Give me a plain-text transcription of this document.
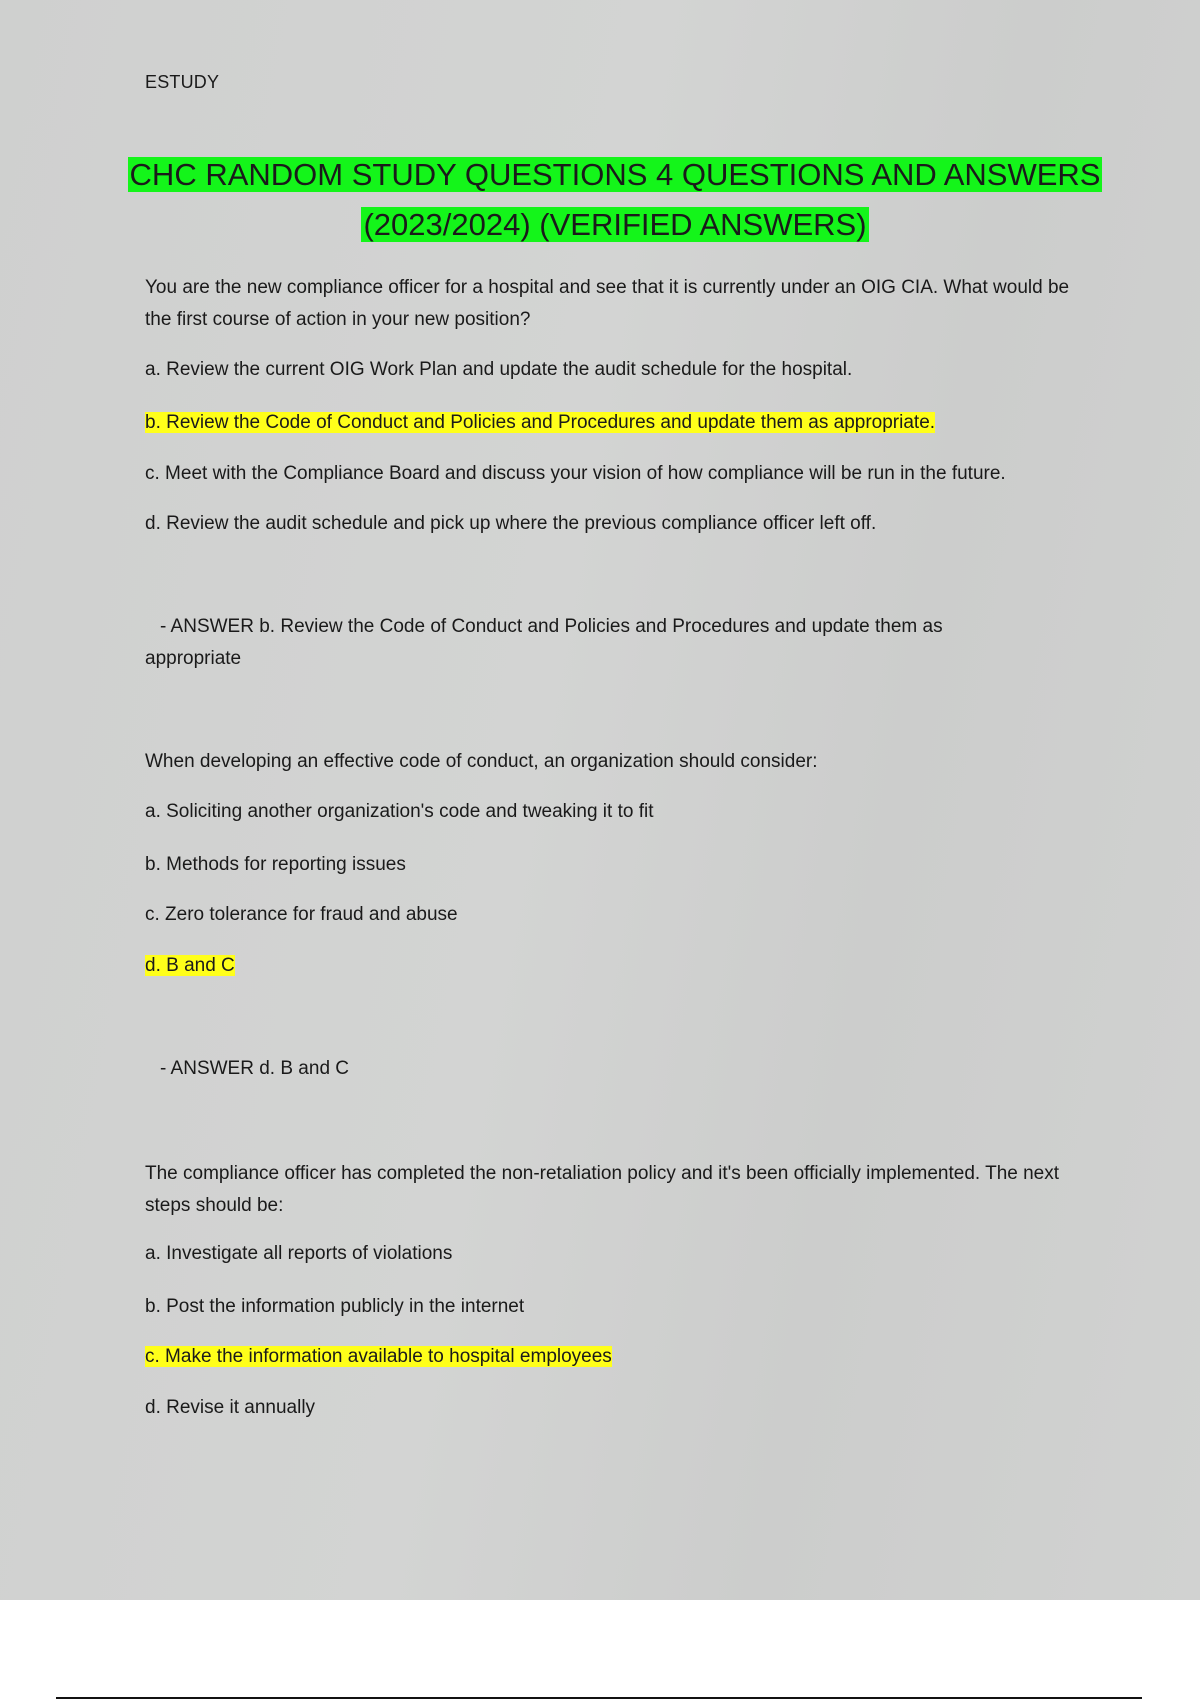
ESTUDY
CHC RANDOM STUDY QUESTIONS 4 QUESTIONS AND ANSWERS
(2023/2024) (VERIFIED ANSWERS)
You are the new compliance officer for a hospital and see that it is currently under an OIG CIA. What would be the first course of action in your new position?
a. Review the current OIG Work Plan and update the audit schedule for the hospital.
b. Review the Code of Conduct and Policies and Procedures and update them as appropriate.
c. Meet with the Compliance Board and discuss your vision of how compliance will be run in the future.
d. Review the audit schedule and pick up where the previous compliance officer left off.
- ANSWER b. Review the Code of Conduct and Policies and Procedures and update them as appropriate
When developing an effective code of conduct, an organization should consider:
a. Soliciting another organization's code and tweaking it to fit
b. Methods for reporting issues
c. Zero tolerance for fraud and abuse
d. B and C
- ANSWER d. B and C
The compliance officer has completed the non-retaliation policy and it's been officially implemented. The next steps should be:
a. Investigate all reports of violations
b. Post the information publicly in the internet
c. Make the information available to hospital employees
d. Revise it annually
